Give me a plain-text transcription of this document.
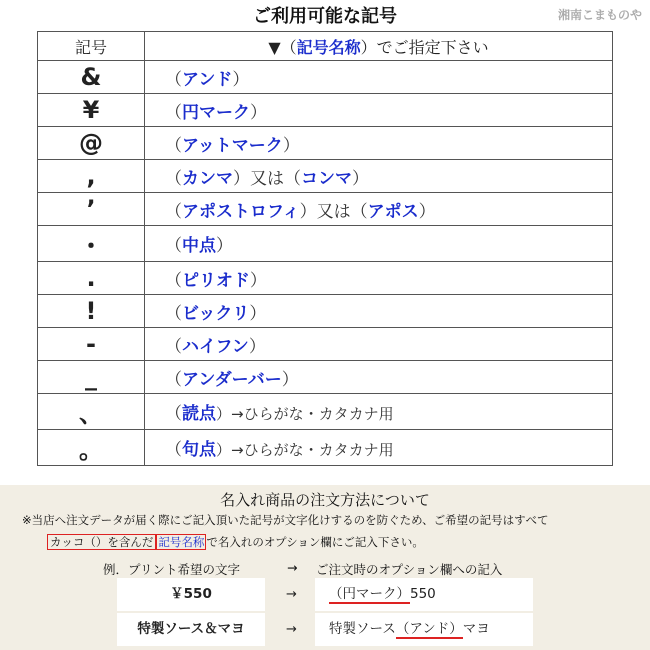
ご利用可能な記号	湘南こまものや
記号	▼（記号名称）でご指定下さい
&	（アンド）
¥	（円マーク）
@	（アットマーク）
,	（カンマ）又は（コンマ）
’	（アポストロフィ）又は（アポス）
・	（中点）
.	（ピリオド）
!	（ビックリ）
-	（ハイフン）
_	（アンダーバー）
、	（読点）→ひらがな・カタカナ用
。	（句点）→ひらがな・カタカナ用
名入れ商品の注文方法について
※当店へ注文データが届く際にご記入頂いた記号が文字化けするのを防ぐため、ご希望の記号はすべて
カッコ（）を含んだ 記号名称 で名入れのオプション欄にご記入下さい。
例．プリント希望の文字	→ ご注文時のオプション欄への記入
￥550	→	（円マーク）550
特製ソース＆マヨ	→	特製ソース（アンド）マヨ
